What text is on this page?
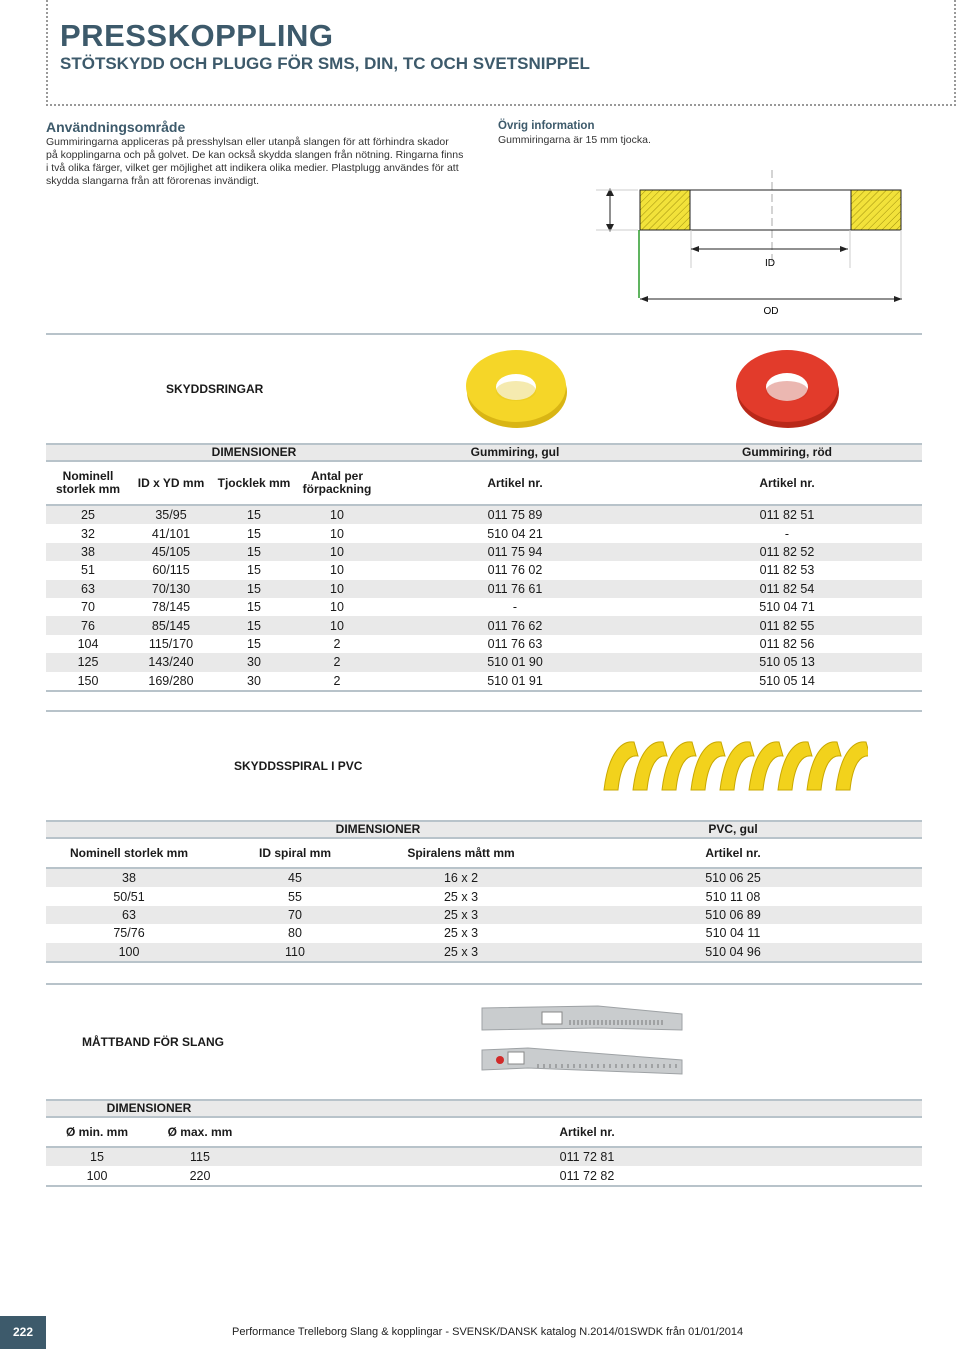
PRESSKOPPLING
STÖTSKYDD OCH PLUGG FÖR SMS, DIN, TC OCH SVETSNIPPEL
Användningsområde
Gummiringarna appliceras på presshylsan eller utanpå slangen för att förhindra skador
på kopplingarna och på golvet. De kan också skydda slangen från nötning. Ringarna finns
i två olika färger, vilket ger möjlighet att indikera olika medier. Plastplugg användes för att
skydda slangarna från att förorenas invändigt.
Övrig information
Gummiringarna är 15 mm tjocka.
ID
OD
SKYDDSRINGAR
	DIMENSIONER			Gummiring, gul	Gummiring, röd
Nominell storlek mm	ID x YD mm	Tjocklek mm	Antal per förpackning	Artikel nr.	Artikel nr.
25	35/95	15	10	011 75 89	011 82 51
32	41/101	15	10	510 04 21	-
38	45/105	15	10	011 75 94	011 82 52
51	60/115	15	10	011 76 02	011 82 53
63	70/130	15	10	011 76 61	011 82 54
70	78/145	15	10	-	510 04 71
76	85/145	15	10	011 76 62	011 82 55
104	115/170	15	2	011 76 63	011 82 56
125	143/240	30	2	510 01 90	510 05 13
150	169/280	30	2	510 01 91	510 05 14
SKYDDSSPIRAL I PVC
	DIMENSIONER		PVC, gul
Nominell storlek mm	ID spiral mm	Spiralens mått mm	Artikel nr.
38	45	16 x 2	510 06 25
50/51	55	25 x 3	510 11 08
63	70	25 x 3	510 06 89
75/76	80	25 x 3	510 04 11
100	110	25 x 3	510 04 96
MÅTTBAND FÖR SLANG
DIMENSIONER		
Ø min. mm	Ø max. mm	Artikel nr.
15	115	011 72 81
100	220	011 72 82
222	Performance Trelleborg Slang & kopplingar - SVENSK/DANSK katalog N.2014/01SWDK från 01/01/2014
